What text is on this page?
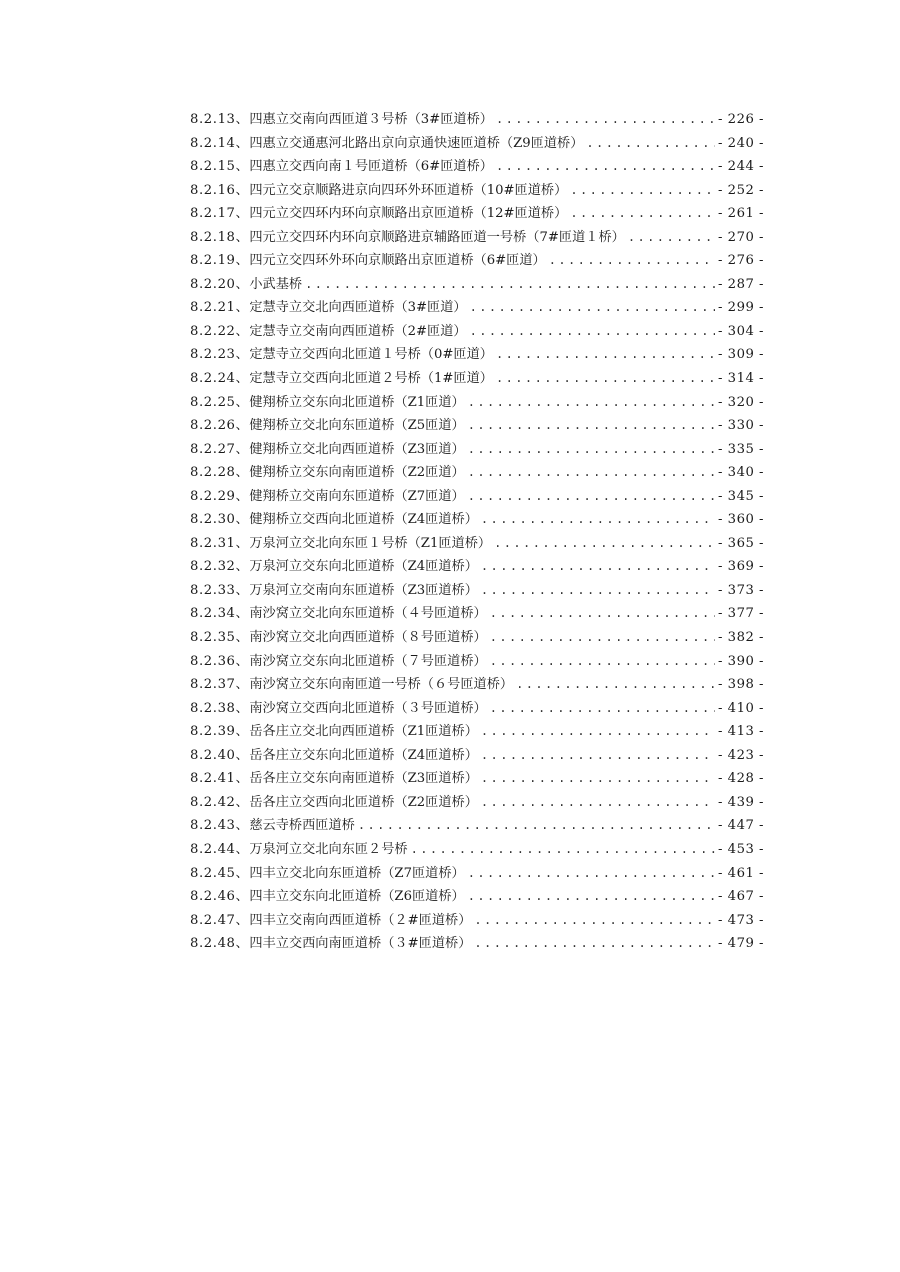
8.2.13、 四惠立交南向西匝道３号桥（3#匝道桥） . . .	- 226 -
8.2.14、 四惠立交通惠河北路出京向京通快速匝道桥（Z9匝道桥） . . .	- 240 -
8.2.15、 四惠立交西向南１号匝道桥（6#匝道桥） . . .	- 244 -
8.2.16、 四元立交京顺路进京向四环外环匝道桥（10#匝道桥） . . .	- 252 -
8.2.17、 四元立交四环内环向京顺路出京匝道桥（12#匝道桥） . . .	- 261 -
8.2.18、 四元立交四环内环向京顺路进京辅路匝道一号桥（7#匝道１桥） . . .	- 270 -
8.2.19、 四元立交四环外环向京顺路出京匝道桥（6#匝道） . . .	- 276 -
8.2.20、 小武基桥 . . .	- 287 -
8.2.21、 定慧寺立交北向西匝道桥（3#匝道） . . .	- 299 -
8.2.22、 定慧寺立交南向西匝道桥（2#匝道） . . .	- 304 -
8.2.23、 定慧寺立交西向北匝道１号桥（0#匝道） . . .	- 309 -
8.2.24、 定慧寺立交西向北匝道２号桥（1#匝道） . . .	- 314 -
8.2.25、 健翔桥立交东向北匝道桥（Z1匝道） . . .	- 320 -
8.2.26、 健翔桥立交北向东匝道桥（Z5匝道） . . .	- 330 -
8.2.27、 健翔桥立交北向西匝道桥（Z3匝道） . . .	- 335 -
8.2.28、 健翔桥立交东向南匝道桥（Z2匝道） . . .	- 340 -
8.2.29、 健翔桥立交南向东匝道桥（Z7匝道） . . .	- 345 -
8.2.30、 健翔桥立交西向北匝道桥（Z4匝道桥） . . .	- 360 -
8.2.31、 万泉河立交北向东匝１号桥（Z1匝道桥） . . .	- 365 -
8.2.32、 万泉河立交东向北匝道桥（Z4匝道桥） . . .	- 369 -
8.2.33、 万泉河立交南向东匝道桥（Z3匝道桥） . . .	- 373 -
8.2.34、 南沙窝立交北向东匝道桥（４号匝道桥） . . .	- 377 -
8.2.35、 南沙窝立交北向西匝道桥（８号匝道桥） . . .	- 382 -
8.2.36、 南沙窝立交东向北匝道桥（７号匝道桥） . . .	- 390 -
8.2.37、 南沙窝立交东向南匝道一号桥（６号匝道桥） . . .	- 398 -
8.2.38、 南沙窝立交西向北匝道桥（３号匝道桥） . . .	- 410 -
8.2.39、 岳各庄立交北向西匝道桥（Z1匝道桥） . . .	- 413 -
8.2.40、 岳各庄立交东向北匝道桥（Z4匝道桥） . . .	- 423 -
8.2.41、 岳各庄立交东向南匝道桥（Z3匝道桥） . . .	- 428 -
8.2.42、 岳各庄立交西向北匝道桥（Z2匝道桥） . . .	- 439 -
8.2.43、 慈云寺桥西匝道桥 . . .	- 447 -
8.2.44、 万泉河立交北向东匝２号桥 . . .	- 453 -
8.2.45、 四丰立交北向东匝道桥（Z7匝道桥） . . .	- 461 -
8.2.46、 四丰立交东向北匝道桥（Z6匝道桥） . . .	- 467 -
8.2.47、 四丰立交南向西匝道桥（２#匝道桥） . . .	- 473 -
8.2.48、 四丰立交西向南匝道桥（３#匝道桥） . . .	- 479 -
